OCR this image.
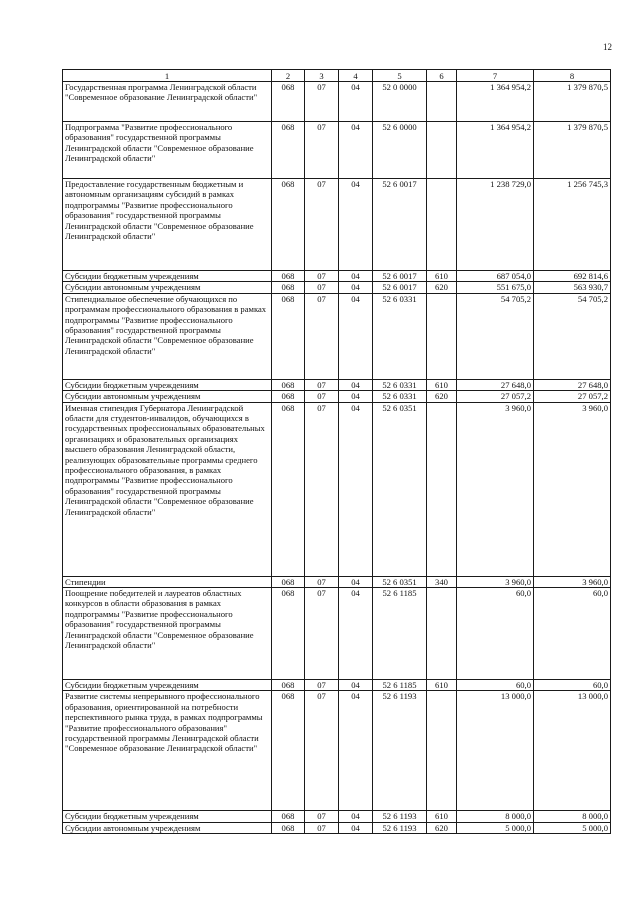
12
1	2	3	4	5	6	7	8
Государственная программа Ленинградской области "Современное образование Ленинградской области"	068	07	04	52 0 0000		1 364 954,2	1 379 870,5
Подпрограмма "Развитие профессионального образования" государственной программы Ленинградской области "Современное образование Ленинградской области"	068	07	04	52 6 0000		1 364 954,2	1 379 870,5
Предоставление государственным бюджетным и автономным организациям субсидий в рамках подпрограммы "Развитие профессионального образования" государственной программы Ленинградской области "Современное образование Ленинградской области"	068	07	04	52 6 0017		1 238 729,0	1 256 745,3
Субсидии бюджетным учреждениям	068	07	04	52 6 0017	610	687 054,0	692 814,6
Субсидии автономным учреждениям	068	07	04	52 6 0017	620	551 675,0	563 930,7
Стипендиальное обеспечение обучающихся по программам профессионального образования в рамках подпрограммы "Развитие профессионального образования" государственной программы Ленинградской области "Современное образование Ленинградской области"	068	07	04	52 6 0331		54 705,2	54 705,2
Субсидии бюджетным учреждениям	068	07	04	52 6 0331	610	27 648,0	27 648,0
Субсидии автономным учреждениям	068	07	04	52 6 0331	620	27 057,2	27 057,2
Именная стипендия Губернатора Ленинградской области для студентов-инвалидов, обучающихся в государственных профессиональных образовательных организациях и образовательных организациях высшего образования Ленинградской области, реализующих образовательные программы среднего профессионального образования, в рамках подпрограммы "Развитие профессионального образования" государственной программы Ленинградской области "Современное образование Ленинградской области"	068	07	04	52 6 0351		3 960,0	3 960,0
Стипендии	068	07	04	52 6 0351	340	3 960,0	3 960,0
Поощрение победителей и лауреатов областных конкурсов в области образования в рамках подпрограммы "Развитие профессионального образования" государственной программы Ленинградской области "Современное образование Ленинградской области"	068	07	04	52 6 1185		60,0	60,0
Субсидии бюджетным учреждениям	068	07	04	52 6 1185	610	60,0	60,0
Развитие системы непрерывного профессионального образования, ориентированной на потребности перспективного рынка труда, в рамках подпрограммы "Развитие профессионального образования" государственной программы Ленинградской области "Современное образование Ленинградской области"	068	07	04	52 6 1193		13 000,0	13 000,0
Субсидии бюджетным учреждениям	068	07	04	52 6 1193	610	8 000,0	8 000,0
Субсидии автономным учреждениям	068	07	04	52 6 1193	620	5 000,0	5 000,0
